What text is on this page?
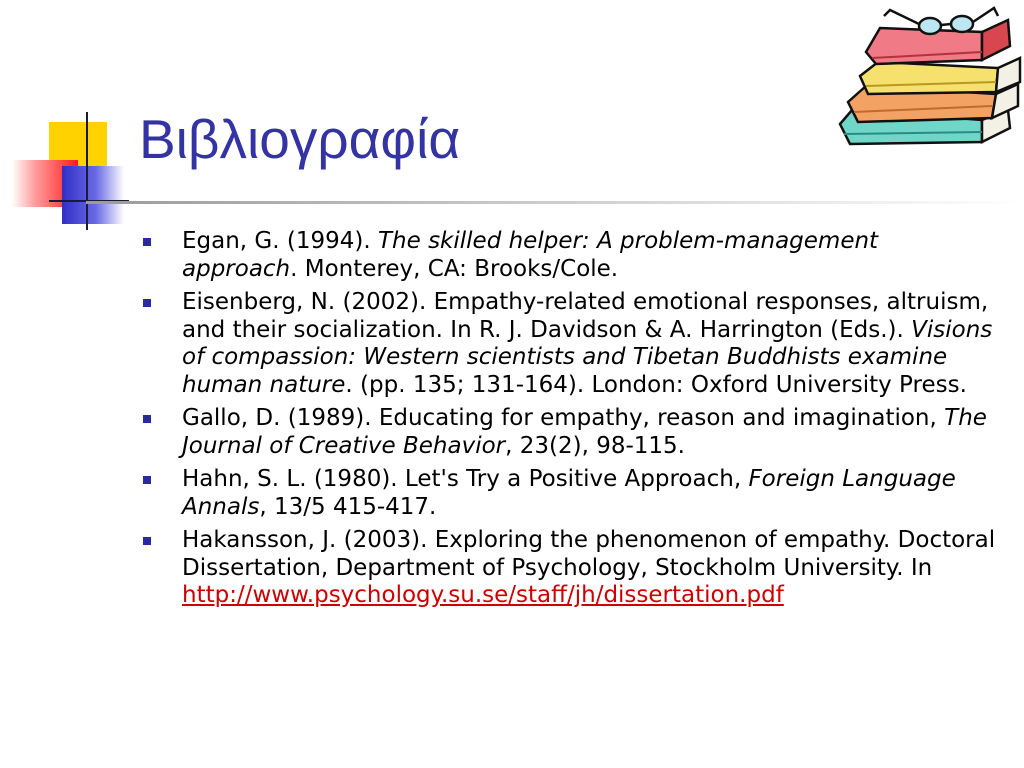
Βιβλιογραφία
Egan, G. (1994). The skilled helper: A problem-management approach. Monterey, CA: Brooks/Cole.
Eisenberg, N. (2002). Empathy-related emotional responses, altruism, and their socialization. In R. J. Davidson & A. Harrington (Eds.). Visions of compassion: Western scientists and Tibetan Buddhists examine human nature. (pp. 135; 131-164). London: Oxford University Press.
Gallo, D. (1989). Educating for empathy, reason and imagination, The Journal of Creative Behavior, 23(2), 98-115.
Hahn, S. L. (1980). Let's Try a Positive Approach, Foreign Language Annals, 13/5 415-417.
Hakansson, J. (2003). Exploring the phenomenon of empathy. Doctoral Dissertation, Department of Psychology, Stockholm University. In
http://www.psychology.su.se/staff/jh/dissertation.pdf
